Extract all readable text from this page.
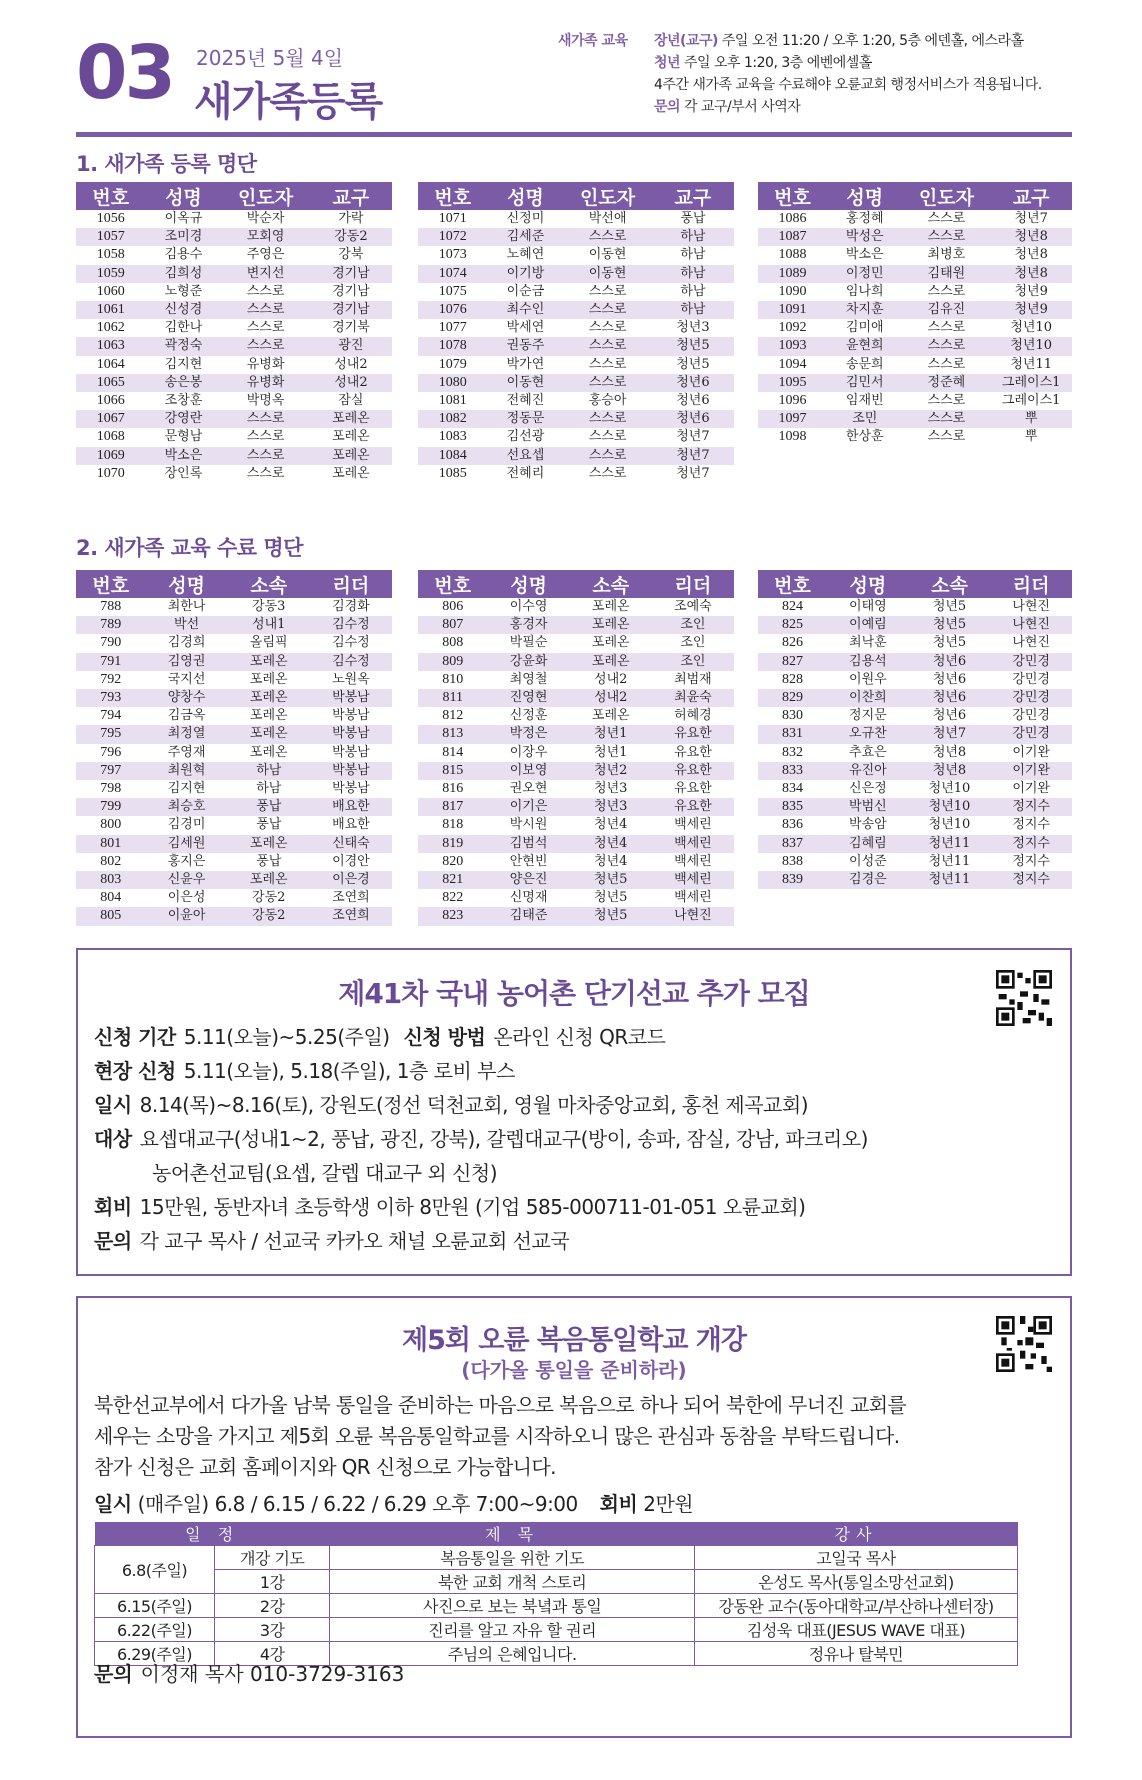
03 2025년 5월 4일
새가족등록
새가족 교육 장년(교구) 주일 오전 11:20 / 오후 1:20, 5층 에덴홀, 에스라홀
청년 주일 오후 1:20, 3층 에벤에셀홀
4주간 새가족 교육을 수료해야 오륜교회 행정서비스가 적용됩니다.
문의 각 교구/부서 사역자
1. 새가족 등록 명단
번호	성명	인도자	교구
1056	이옥규	박순자	가락
1057	조미경	모회영	강동2
1058	김용수	주영은	강북
1059	김희성	변지선	경기남
1060	노형준	스스로	경기남
1061	신성경	스스로	경기남
1062	김한나	스스로	경기북
1063	곽정숙	스스로	광진
1064	김지현	유병화	성내2
1065	송은봉	유병화	성내2
1066	조창훈	박명옥	잠실
1067	강영란	스스로	포레온
1068	문형남	스스로	포레온
1069	박소은	스스로	포레온
1070	장인록	스스로	포레온
번호	성명	인도자	교구
1071	신정미	박선애	풍납
1072	김세준	스스로	하남
1073	노혜연	이동현	하남
1074	이기방	이동현	하남
1075	이순금	스스로	하남
1076	최수인	스스로	하남
1077	박세연	스스로	청년3
1078	권동주	스스로	청년5
1079	박가연	스스로	청년5
1080	이동현	스스로	청년6
1081	전혜진	홍승아	청년6
1082	정동문	스스로	청년6
1083	김선광	스스로	청년7
1084	선요셉	스스로	청년7
1085	전혜리	스스로	청년7
번호	성명	인도자	교구
1086	홍정혜	스스로	청년7
1087	박성은	스스로	청년8
1088	박소은	최병호	청년8
1089	이정민	김태원	청년8
1090	임나희	스스로	청년9
1091	차지훈	김유진	청년9
1092	김미애	스스로	청년10
1093	윤현희	스스로	청년10
1094	송문희	스스로	청년11
1095	김민서	정준혜	그레이스1
1096	임재빈	스스로	그레이스1
1097	조민	스스로	뿌
1098	한상훈	스스로	뿌
2. 새가족 교육 수료 명단
번호	성명	소속	리더
788	최한나	강동3	김경화
789	박선	성내1	김수정
790	김경희	올림픽	김수정
791	김영권	포레온	김수정
792	국지선	포레온	노원옥
793	양창수	포레온	박봉남
794	김금옥	포레온	박봉남
795	최정열	포레온	박봉남
796	주영재	포레온	박봉남
797	최원혁	하남	박봉남
798	김지현	하남	박봉남
799	최승호	풍납	배요한
800	김경미	풍납	배요한
801	김세원	포레온	신태숙
802	홍지은	풍납	이경안
803	신윤우	포레온	이은경
804	이은성	강동2	조연희
805	이윤아	강동2	조연희
번호	성명	소속	리더
806	이수영	포레온	조예숙
807	홍경자	포레온	조인
808	박필순	포레온	조인
809	강윤화	포레온	조인
810	최영철	성내2	최범재
811	진영현	성내2	최윤숙
812	신정훈	포레온	허혜경
813	박정은	청년1	유요한
814	이장우	청년1	유요한
815	이보영	청년2	유요한
816	권오현	청년3	유요한
817	이기은	청년3	유요한
818	박시원	청년4	백세린
819	김범석	청년4	백세린
820	안현빈	청년4	백세린
821	양은진	청년5	백세린
822	신명재	청년5	백세린
823	김태준	청년5	나현진
번호	성명	소속	리더
824	이태영	청년5	나현진
825	이예림	청년5	나현진
826	최낙훈	청년5	나현진
827	김용석	청년6	강민경
828	이원우	청년6	강민경
829	이찬희	청년6	강민경
830	정지문	청년6	강민경
831	오규찬	청년7	강민경
832	추효은	청년8	이기완
833	유진아	청년8	이기완
834	신은정	청년10	이기완
835	박범신	청년10	정지수
836	박송암	청년10	정지수
837	김혜림	청년11	정지수
838	이성준	청년11	정지수
839	김경은	청년11	정지수
제41차 국내 농어촌 단기선교 추가 모집
신청 기간 5.11(오늘)~5.25(주일) 신청 방법 온라인 신청 QR코드
현장 신청 5.11(오늘), 5.18(주일), 1층 로비 부스
일시 8.14(목)~8.16(토), 강원도(정선 덕천교회, 영월 마차중앙교회, 홍천 제곡교회)
대상 요셉대교구(성내1~2, 풍납, 광진, 강북), 갈렙대교구(방이, 송파, 잠실, 강남, 파크리오)
농어촌선교팀(요셉, 갈렙 대교구 외 신청)
회비 15만원, 동반자녀 초등학생 이하 8만원 (기업 585-000711-01-051 오륜교회)
문의 각 교구 목사 / 선교국 카카오 채널 오륜교회 선교국
제5회 오륜 복음통일학교 개강
(다가올 통일을 준비하라)
북한선교부에서 다가올 남북 통일을 준비하는 마음으로 복음으로 하나 되어 북한에 무너진 교회를
세우는 소망을 가지고 제5회 오륜 복음통일학교를 시작하오니 많은 관심과 동참을 부탁드립니다.
참가 신청은 교회 홈페이지와 QR 신청으로 가능합니다.
일시 (매주일) 6.8 / 6.15 / 6.22 / 6.29 오후 7:00~9:00 회비 2만원
일 정		제 목	강사
6.8(주일)	개강 기도	복음통일을 위한 기도	고일국 목사
	1강	북한 교회 개척 스토리	온성도 목사(통일소망선교회)
6.15(주일)	2강	사진으로 보는 북녘과 통일	강동완 교수(동아대학교/부산하나센터장)
6.22(주일)	3강	진리를 알고 자유 할 권리	김성욱 대표(JESUS WAVE 대표)
6.29(주일)	4강	주님의 은혜입니다.	정유나 탈북민
문의 이정재 목사 010-3729-3163
